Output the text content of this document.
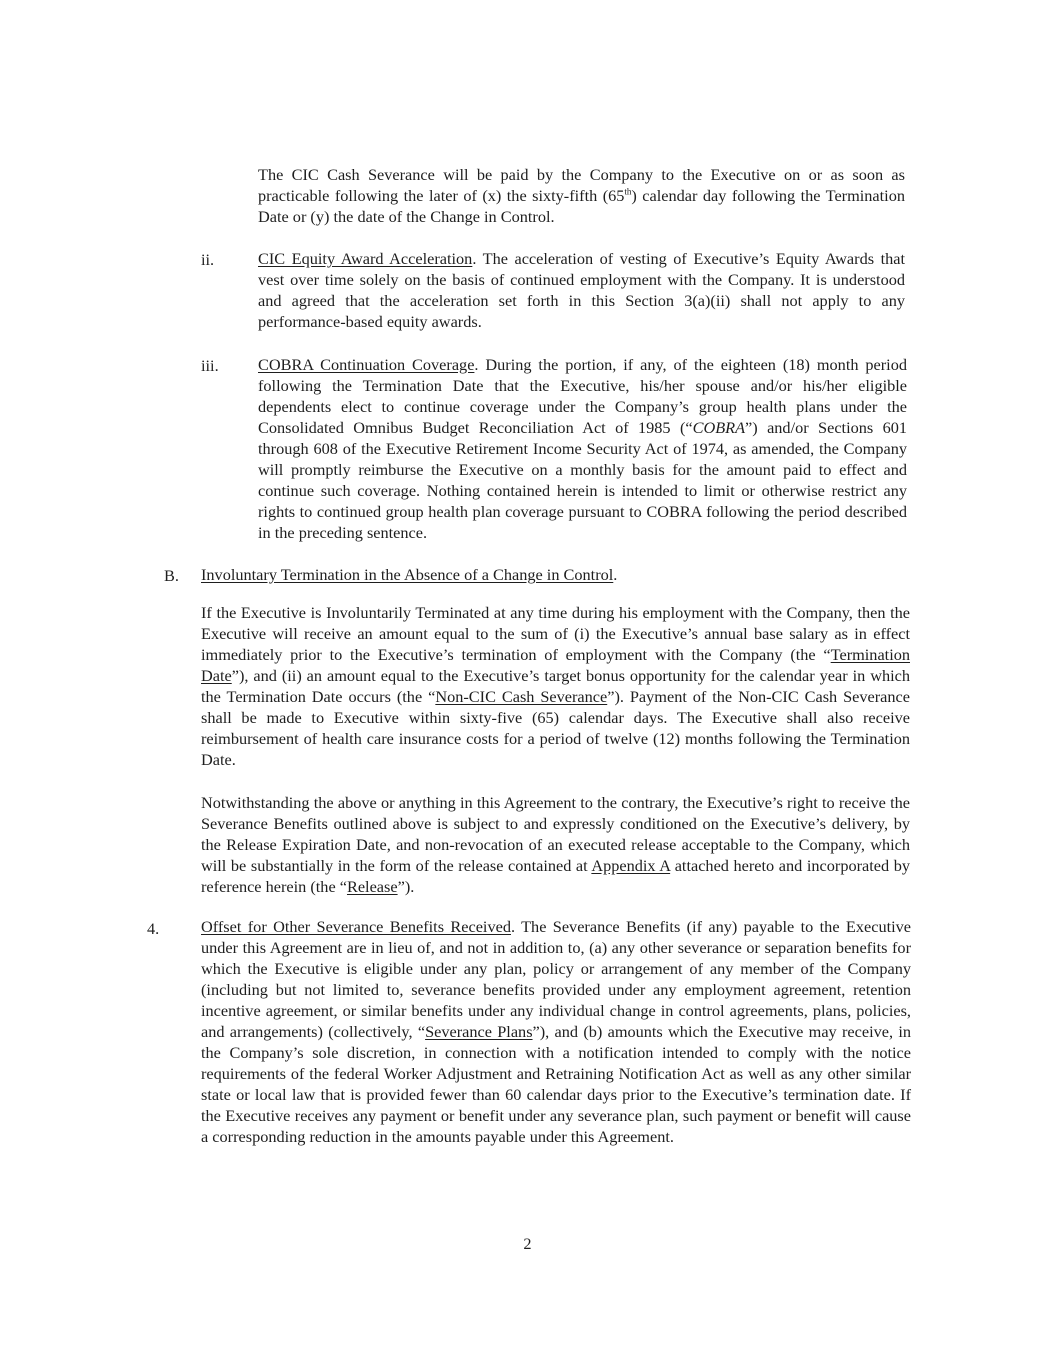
The CIC Cash Severance will be paid by the Company to the Executive on or as soon as practicable following the later of (x) the sixty-fifth (65th) calendar day following the Termination Date or (y) the date of the Change in Control.
ii.	CIC Equity Award Acceleration. The acceleration of vesting of Executive’s Equity Awards that vest over time solely on the basis of continued employment with the Company. It is understood and agreed that the acceleration set forth in this Section 3(a)(ii) shall not apply to any performance-based equity awards.
iii. COBRA Continuation Coverage. During the portion, if any, of the eighteen (18) month period following the Termination Date that the Executive, his/her spouse and/or his/her eligible dependents elect to continue coverage under the Company’s group health plans under the Consolidated Omnibus Budget Reconciliation Act of 1985 (“COBRA”) and/or Sections 601 through 608 of the Executive Retirement Income Security Act of 1974, as amended, the Company will promptly reimburse the Executive on a monthly basis for the amount paid to effect and continue such coverage. Nothing contained herein is intended to limit or otherwise restrict any rights to continued group health plan coverage pursuant to COBRA following the period described in the preceding sentence.
B. Involuntary Termination in the Absence of a Change in Control.
If the Executive is Involuntarily Terminated at any time during his employment with the Company, then the Executive will receive an amount equal to the sum of (i) the Executive’s annual base salary as in effect immediately prior to the Executive’s termination of employment with the Company (the “Termination Date”), and (ii) an amount equal to the Executive’s target bonus opportunity for the calendar year in which the Termination Date occurs (the “Non-CIC Cash Severance”). Payment of the Non-CIC Cash Severance shall be made to Executive within sixty-five (65) calendar days. The Executive shall also receive reimbursement of health care insurance costs for a period of twelve (12) months following the Termination Date.
Notwithstanding the above or anything in this Agreement to the contrary, the Executive’s right to receive the Severance Benefits outlined above is subject to and expressly conditioned on the Executive’s delivery, by the Release Expiration Date, and non-revocation of an executed release acceptable to the Company, which will be substantially in the form of the release contained at Appendix A attached hereto and incorporated by reference herein (the “Release”).
4.	Offset for Other Severance Benefits Received. The Severance Benefits (if any) payable to the Executive under this Agreement are in lieu of, and not in addition to, (a) any other severance or separation benefits for which the Executive is eligible under any plan, policy or arrangement of any member of the Company (including but not limited to, severance benefits provided under any employment agreement, retention incentive agreement, or similar benefits under any individual change in control agreements, plans, policies, and arrangements) (collectively, “Severance Plans”), and (b) amounts which the Executive may receive, in the Company’s sole discretion, in connection with a notification intended to comply with the notice requirements of the federal Worker Adjustment and Retraining Notification Act as well as any other similar state or local law that is provided fewer than 60 calendar days prior to the Executive’s termination date. If the Executive receives any payment or benefit under any severance plan, such payment or benefit will cause a corresponding reduction in the amounts payable under this Agreement.
2
